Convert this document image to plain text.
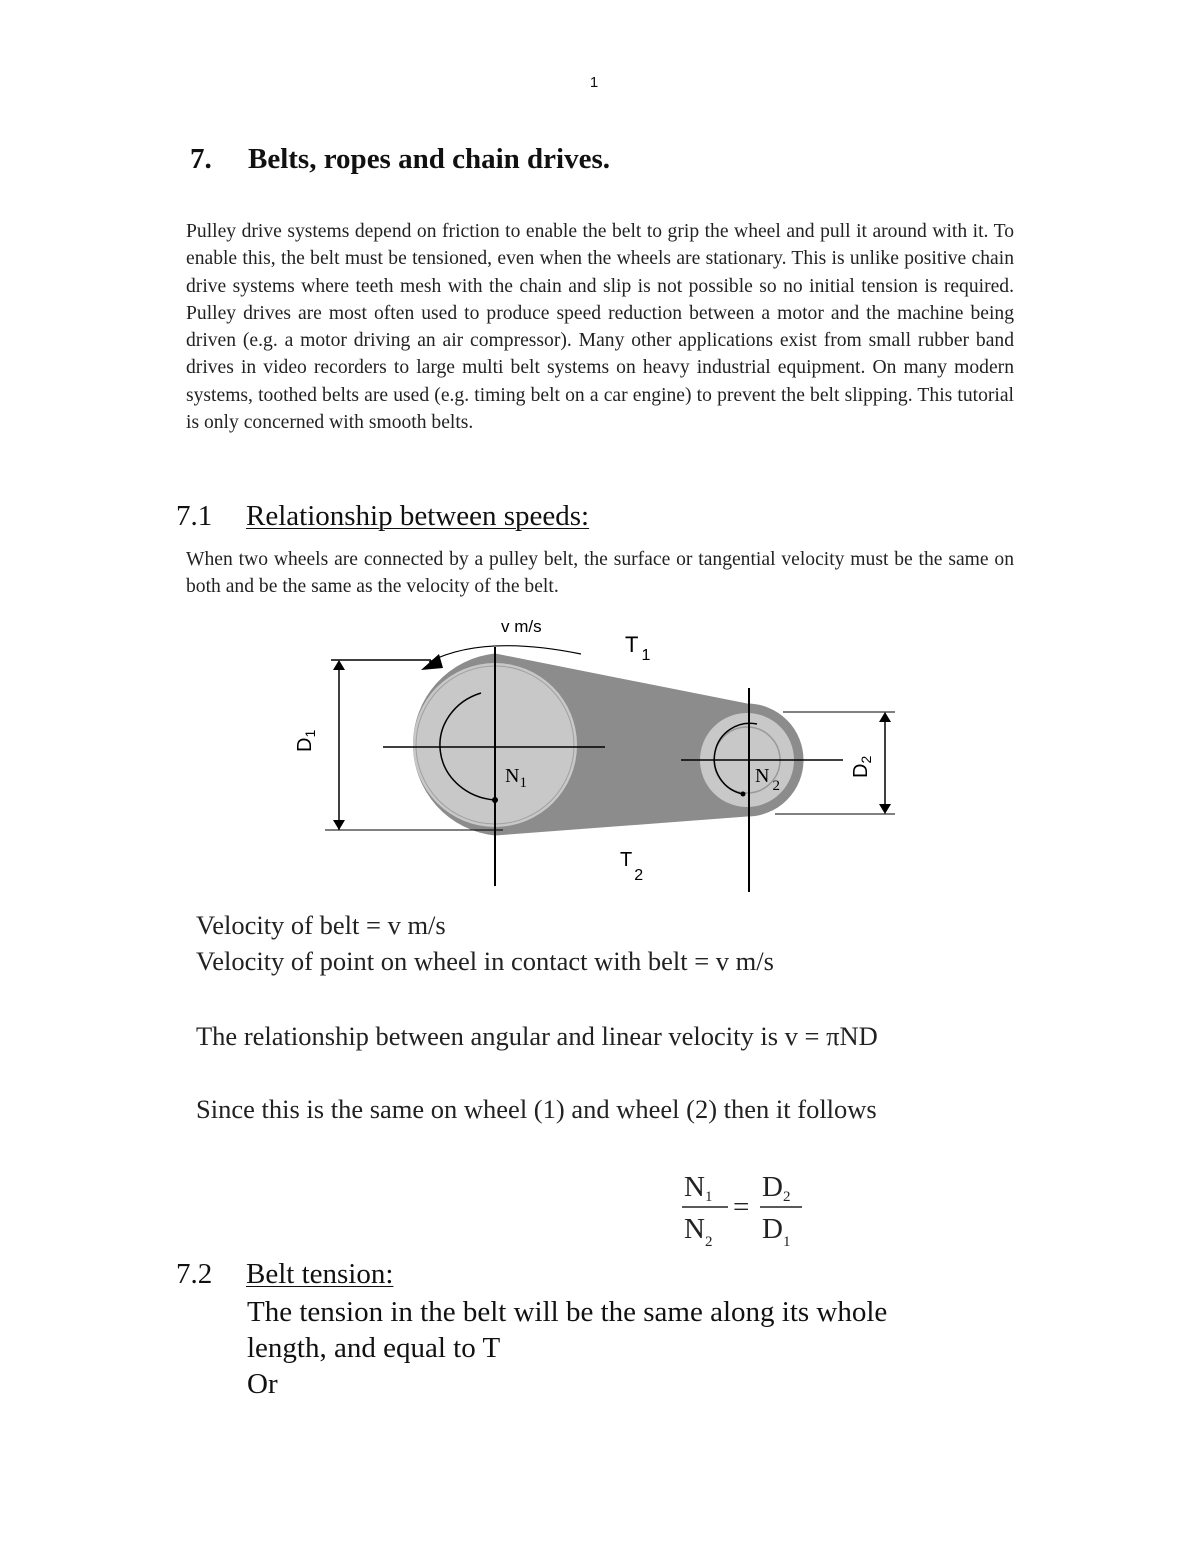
1
7. Belts, ropes and chain drives.

Pulley drive systems depend on friction to enable the belt to grip the wheel and pull it around with it. To enable this, the belt must be tensioned, even when the wheels are stationary. This is unlike positive chain drive systems where teeth mesh with the chain and slip is not possible so no initial tension is required. Pulley drives are most often used to produce speed reduction between a motor and the machine being driven (e.g. a motor driving an air compressor). Many other applications exist from small rubber band drives in video recorders to large multi belt systems on heavy industrial equipment. On many modern systems, toothed belts are used (e.g. timing belt on a car engine) to prevent the belt slipping. This tutorial is only concerned with smooth belts.

7.1 Relationship between speeds:

When two wheels are connected by a pulley belt, the surface or tangential velocity must be the same on both and be the same as the velocity of the belt.

$D_1$
v m/s
$D_2$
T $_1$
$T_2$
$N_1$	N $_2$

Velocity of belt = v m/s

Velocity of point on wheel in contact with belt = v m/s

The relationship between angular and linear velocity is v = πND

Since this is the same on wheel (1) and wheel (2) then it follows

N1
$N_2$
=
D2
$D_1$
7.2 Belt tension:

The tension in the belt will be the same along its whole

length, and equal to T

Or
